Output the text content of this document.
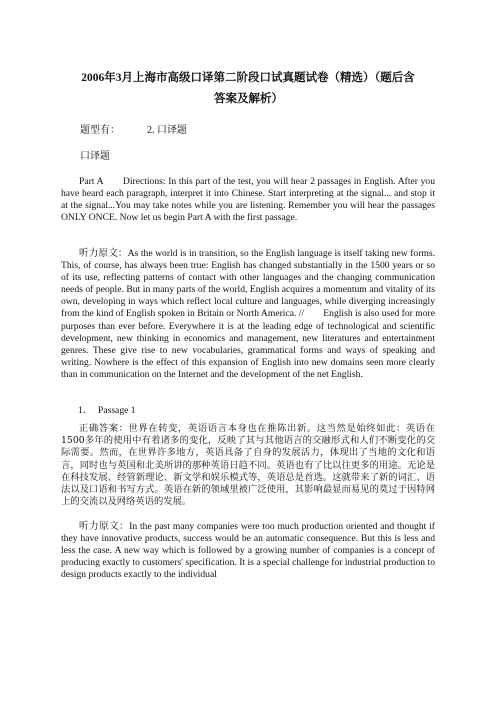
2006年3月上海市高级口译第二阶段口试真题试卷（精选）（题后含
答案及解析）
题型有：	2. 口译题
口译题
Part A　　Directions: In this part of the test, you will hear 2 passages in English. After you have heard each paragraph, interpret it into Chinese. Start interpreting at the signal... and stop it at the signal...You may take notes while you are listening. Remember you will hear the passages ONLY ONCE. Now let us begin Part A with the first passage.
听力原文：As the world is in transition, so the English language is itself taking new forms. This, of course, has always been true: English has changed substantially in the 1500 years or so of its use, reflecting patterns of contact with other languages and the changing communication needs of people. But in many parts of the world, English acquires a momentum and vitality of its own, developing in ways which reflect local culture and languages, while diverging increasingly from the kind of English spoken in Britain or North America. //　　English is also used for more purposes than ever before. Everywhere it is at the leading edge of technological and scientific development, new thinking in economics and management, new literatures and entertainment genres. These give rise to new vocabularies, grammatical forms and ways of speaking and writing. Nowhere is the effect of this expansion of English into new domains seen more clearly than in communication on the Internet and the development of the net English.
1． Passage 1
正确答案：世界在转变，英语语言本身也在推陈出新。这当然是始终如此：英语在1500多年的使用中有着诸多的变化，反映了其与其他语言的交融形式和人们不断变化的交际需要。然而，在世界许多地方，英语具备了自身的发展活力，体现出了当地的文化和语言，同时也与英国和北美所讲的那种英语日趋不同。英语也有了比以往更多的用途。无论是在科技发展、经管新理论、新文学和娱乐模式等，英语总是首选。这就带来了新的词汇、语法以及口语和书写方式。英语在新的领域里被广泛使用，其影响最显而易见的莫过于因特网上的交流以及网络英语的发展。
听力原文：In the past many companies were too much production oriented and thought if they have innovative products, success would be an automatic consequence. But this is less and less the case. A new way which is followed by a growing number of companies is a concept of producing exactly to customers' specification. It is a special challenge for industrial production to design products exactly to the individual
